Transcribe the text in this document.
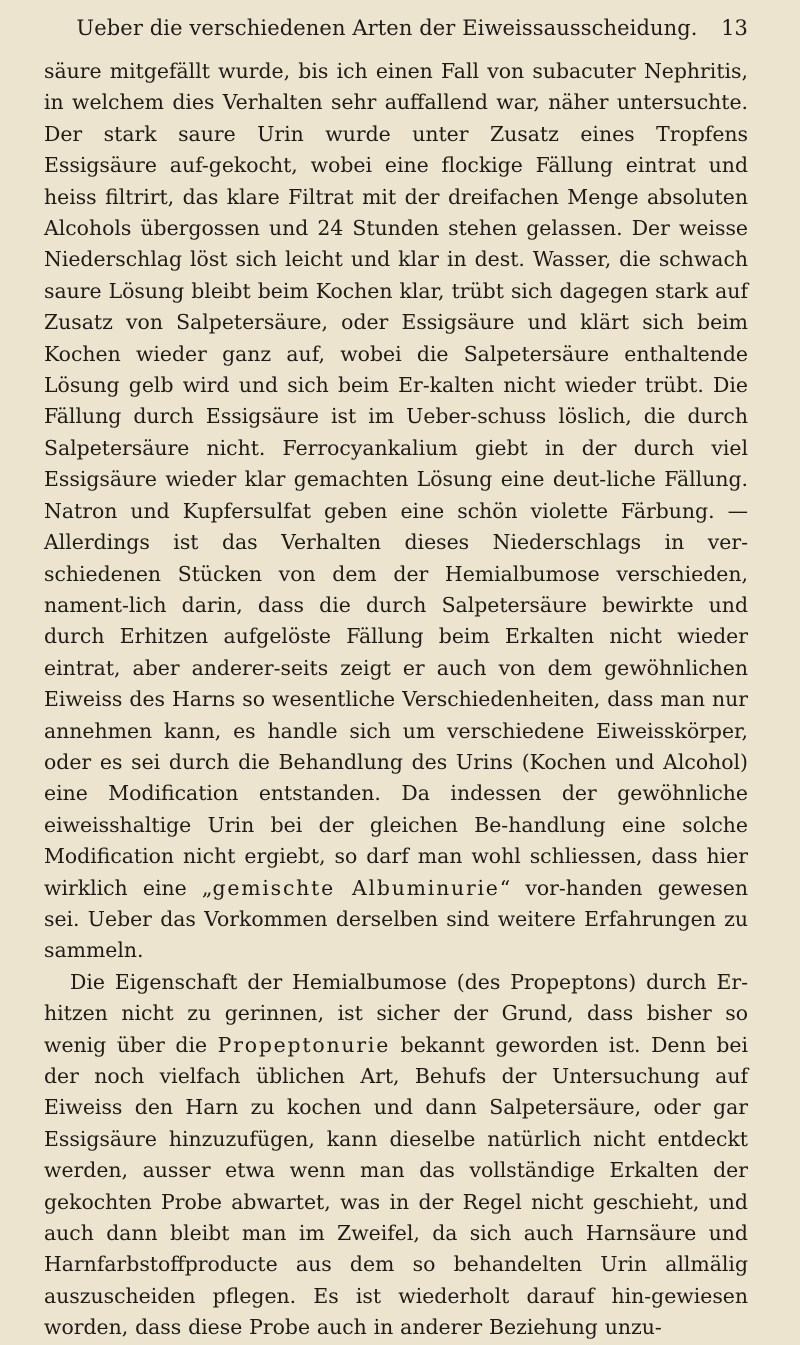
Ueber die verschiedenen Arten der Eiweissausscheidung. 13

säure mitgefällt wurde, bis ich einen Fall von subacuter Nephritis, in welchem dies Verhalten sehr auffallend war, näher untersuchte. Der stark saure Urin wurde unter Zusatz eines Tropfens Essigsäure auf-gekocht, wobei eine flockige Fällung eintrat und heiss filtrirt, das klare Filtrat mit der dreifachen Menge absoluten Alcohols übergossen und 24 Stunden stehen gelassen. Der weisse Niederschlag löst sich leicht und klar in dest. Wasser, die schwach saure Lösung bleibt beim Kochen klar, trübt sich dagegen stark auf Zusatz von Salpetersäure, oder Essigsäure und klärt sich beim Kochen wieder ganz auf, wobei die Salpetersäure enthaltende Lösung gelb wird und sich beim Er-kalten nicht wieder trübt. Die Fällung durch Essigsäure ist im Ueber-schuss löslich, die durch Salpetersäure nicht. Ferrocyankalium giebt in der durch viel Essigsäure wieder klar gemachten Lösung eine deut-liche Fällung. Natron und Kupfersulfat geben eine schön violette Färbung. — Allerdings ist das Verhalten dieses Niederschlags in ver-schiedenen Stücken von dem der Hemialbumose verschieden, nament-lich darin, dass die durch Salpetersäure bewirkte und durch Erhitzen aufgelöste Fällung beim Erkalten nicht wieder eintrat, aber anderer-seits zeigt er auch von dem gewöhnlichen Eiweiss des Harns so wesentliche Verschiedenheiten, dass man nur annehmen kann, es handle sich um verschiedene Eiweisskörper, oder es sei durch die Behandlung des Urins (Kochen und Alcohol) eine Modification entstanden. Da indessen der gewöhnliche eiweisshaltige Urin bei der gleichen Be-handlung eine solche Modification nicht ergiebt, so darf man wohl schliessen, dass hier wirklich eine „gemischte Albuminurie“ vor-handen gewesen sei. Ueber das Vorkommen derselben sind weitere Erfahrungen zu sammeln.

Die Eigenschaft der Hemialbumose (des Propeptons) durch Er-hitzen nicht zu gerinnen, ist sicher der Grund, dass bisher so wenig über die Propeptonurie bekannt geworden ist. Denn bei der noch vielfach üblichen Art, Behufs der Untersuchung auf Eiweiss den Harn zu kochen und dann Salpetersäure, oder gar Essigsäure hinzuzufügen, kann dieselbe natürlich nicht entdeckt werden, ausser etwa wenn man das vollständige Erkalten der gekochten Probe abwartet, was in der Regel nicht geschieht, und auch dann bleibt man im Zweifel, da sich auch Harnsäure und Harnfarbstoffproducte aus dem so behandelten Urin allmälig auszuscheiden pflegen. Es ist wiederholt darauf hin-gewiesen worden, dass diese Probe auch in anderer Beziehung unzu-
